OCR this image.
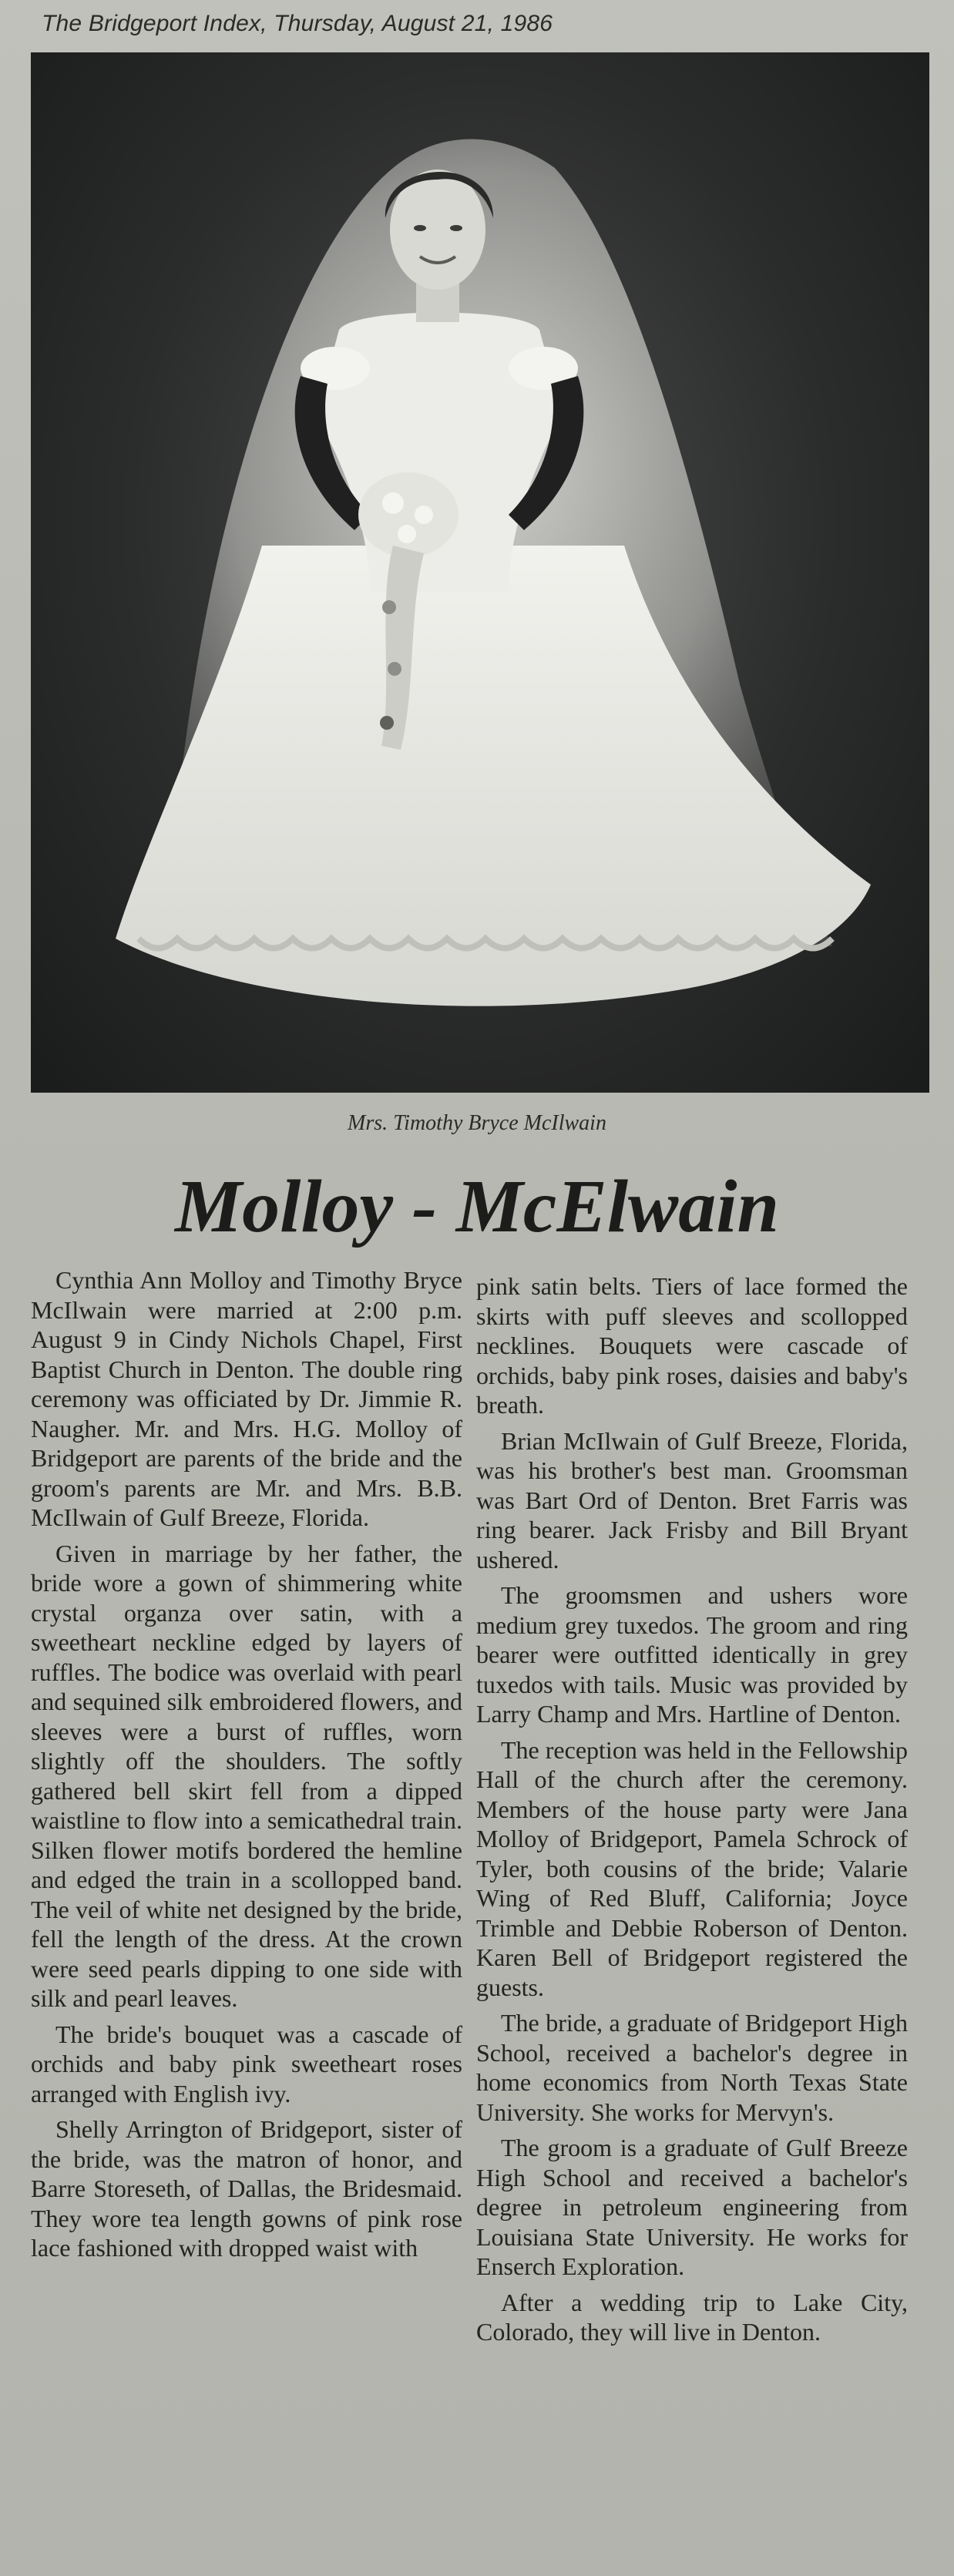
The Bridgeport Index, Thursday, August 21, 1986
Mrs. Timothy Bryce McIlwain
Molloy - McElwain

Cynthia Ann Molloy and Timothy Bryce McIlwain were married at 2:00 p.m. August 9 in Cindy Nichols Chapel, First Baptist Church in Denton. The double ring ceremony was officiated by Dr. Jimmie R. Naugher. Mr. and Mrs. H.G. Molloy of Bridgeport are parents of the bride and the groom's parents are Mr. and Mrs. B.B. McIlwain of Gulf Breeze, Florida.

Given in marriage by her father, the bride wore a gown of shimmering white crystal organza over satin, with a sweetheart neckline edged by layers of ruffles. The bodice was overlaid with pearl and sequined silk embroidered flowers, and sleeves were a burst of ruffles, worn slightly off the shoulders. The softly gathered bell skirt fell from a dipped waistline to flow into a semicathedral train. Silken flower motifs bordered the hemline and edged the train in a scollopped band. The veil of white net designed by the bride, fell the length of the dress. At the crown were seed pearls dipping to one side with silk and pearl leaves.

The bride's bouquet was a cascade of orchids and baby pink sweetheart roses arranged with English ivy.

Shelly Arrington of Bridgeport, sister of the bride, was the matron of honor, and Barre Storeseth, of Dallas, the Bridesmaid. They wore tea length gowns of pink rose lace fashioned with dropped waist with

pink satin belts. Tiers of lace formed the skirts with puff sleeves and scollopped necklines. Bouquets were cascade of orchids, baby pink roses, daisies and baby's breath.

Brian McIlwain of Gulf Breeze, Florida, was his brother's best man. Groomsman was Bart Ord of Denton. Bret Farris was ring bearer. Jack Frisby and Bill Bryant ushered.

The groomsmen and ushers wore medium grey tuxedos. The groom and ring bearer were outfitted identically in grey tuxedos with tails. Music was provided by Larry Champ and Mrs. Hartline of Denton.

The reception was held in the Fellowship Hall of the church after the ceremony. Members of the house party were Jana Molloy of Bridgeport, Pamela Schrock of Tyler, both cousins of the bride; Valarie Wing of Red Bluff, California; Joyce Trimble and Debbie Roberson of Denton. Karen Bell of Bridgeport registered the guests.

The bride, a graduate of Bridgeport High School, received a bachelor's degree in home economics from North Texas State University. She works for Mervyn's.

The groom is a graduate of Gulf Breeze High School and received a bachelor's degree in petroleum engineering from Louisiana State University. He works for Enserch Exploration.

After a wedding trip to Lake City, Colorado, they will live in Denton.
